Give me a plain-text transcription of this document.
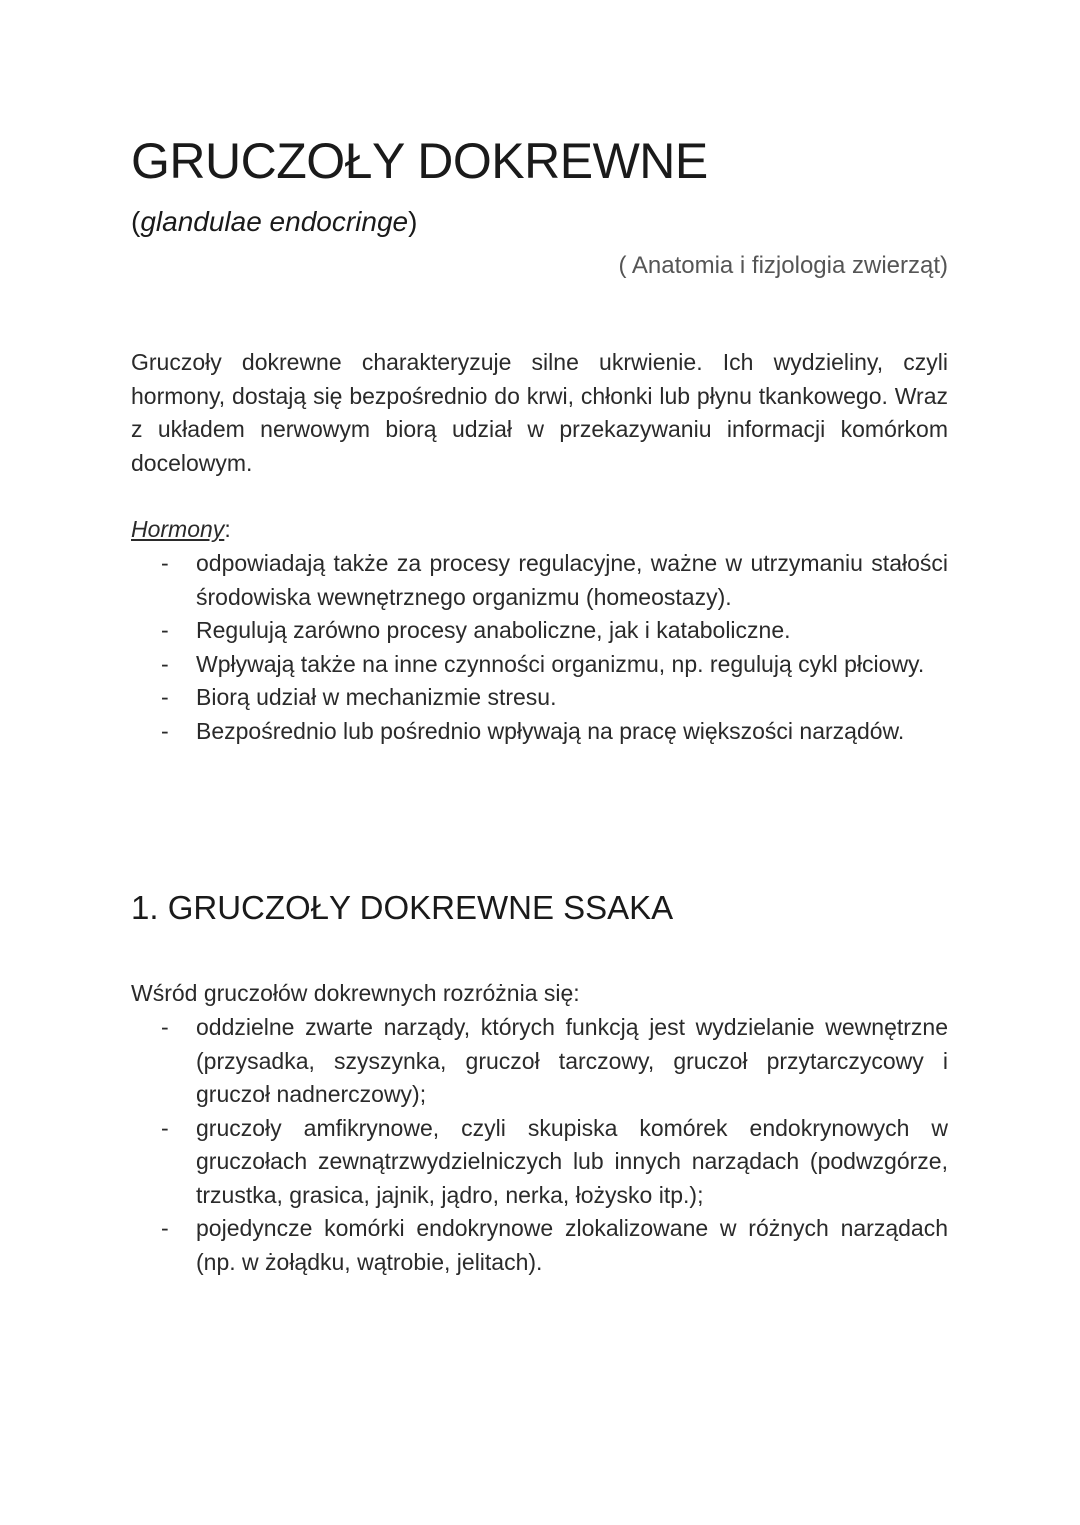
GRUCZOŁY DOKREWNE
(glandulae endocringe)
( Anatomia i fizjologia zwierząt)

Gruczoły dokrewne charakteryzuje silne ukrwienie. Ich wydzieliny, czyli hormony, dostają się bezpośrednio do krwi, chłonki lub płynu tkankowego. Wraz z układem nerwowym biorą udział w przekazywaniu informacji komórkom docelowym.

Hormony:
- odpowiadają także za procesy regulacyjne, ważne w utrzymaniu stałości środowiska wewnętrznego organizmu (homeostazy).
- Regulują zarówno procesy anaboliczne, jak i kataboliczne.
- Wpływają także na inne czynności organizmu, np. regulują cykl płciowy.
- Biorą udział w mechanizmie stresu.
- Bezpośrednio lub pośrednio wpływają na pracę większości narządów.
1. GRUCZOŁY DOKREWNE SSAKA
Wśród gruczołów dokrewnych rozróżnia się:
- oddzielne zwarte narządy, których funkcją jest wydzielanie wewnętrzne (przysadka, szyszynka, gruczoł tarczowy, gruczoł przytarczycowy i gruczoł nadnerczowy);
- gruczoły amfikrynowe, czyli skupiska komórek endokrynowych w gruczołach zewnątrzwydzielniczych lub innych narządach (podwzgórze, trzustka, grasica, jajnik, jądro, nerka, łożysko itp.);
- pojedyncze komórki endokrynowe zlokalizowane w różnych narządach (np. w żołądku, wątrobie, jelitach).
